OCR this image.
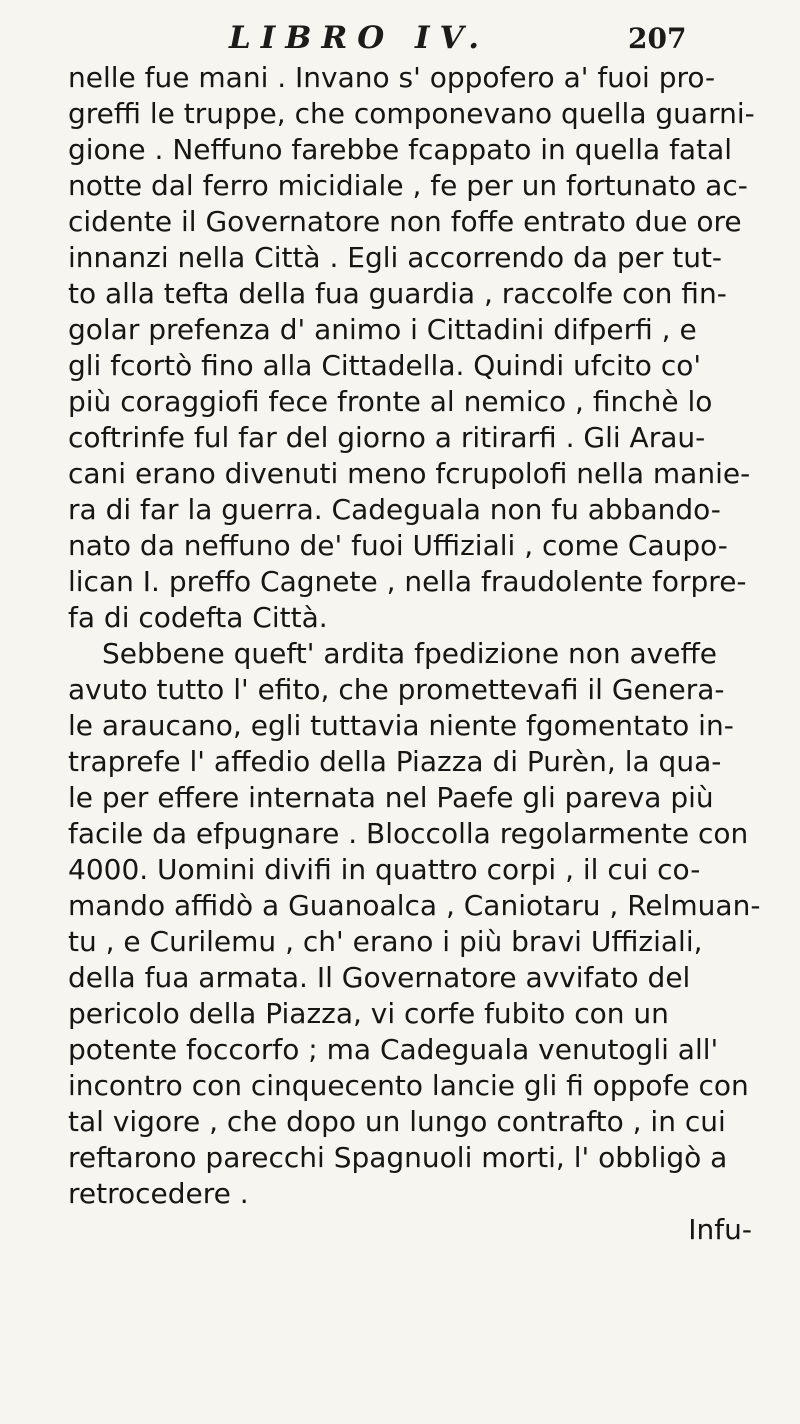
LIBRO IV.	207
nelle fue mani . Invano s' oppofero a' fuoi pro-
greffi le truppe, che componevano quella guarni-
gione . Neffuno farebbe fcappato in quella fatal
notte dal ferro micidiale , fe per un fortunato ac-
cidente il Governatore non foffe entrato due ore
innanzi nella Città . Egli accorrendo da per tut-
to alla tefta della fua guardia , raccolfe con fin-
golar prefenza d' animo i Cittadini difperfi , e
gli fcortò fino alla Cittadella. Quindi ufcito co'
più coraggiofi fece fronte al nemico , finchè lo
coftrinfe ful far del giorno a ritirarfi . Gli Arau-
cani erano divenuti meno fcrupolofi nella manie-
ra di far la guerra. Cadeguala non fu abbando-
nato da neffuno de' fuoi Uffiziali , come Caupo-
lican I. preffo Cagnete , nella fraudolente forpre-
fa di codefta Città.
Sebbene queft' ardita fpedizione non aveffe
avuto tutto l' efito, che promettevafi il Genera-
le araucano, egli tuttavia niente fgomentato in-
traprefe l' affedio della Piazza di Purèn, la qua-
le per effere internata nel Paefe gli pareva più
facile da efpugnare . Bloccolla regolarmente con
4000. Uomini divifi in quattro corpi , il cui co-
mando affidò a Guanoalca , Caniotaru , Relmuan-
tu , e Curilemu , ch' erano i più bravi Uffiziali,
della fua armata. Il Governatore avvifato del
pericolo della Piazza, vi corfe fubito con un
potente foccorfo ; ma Cadeguala venutogli all'
incontro con cinquecento lancie gli fi oppofe con
tal vigore , che dopo un lungo contrafto , in cui
reftarono parecchi Spagnuoli morti, l' obbligò a
retrocedere .
Infu-
